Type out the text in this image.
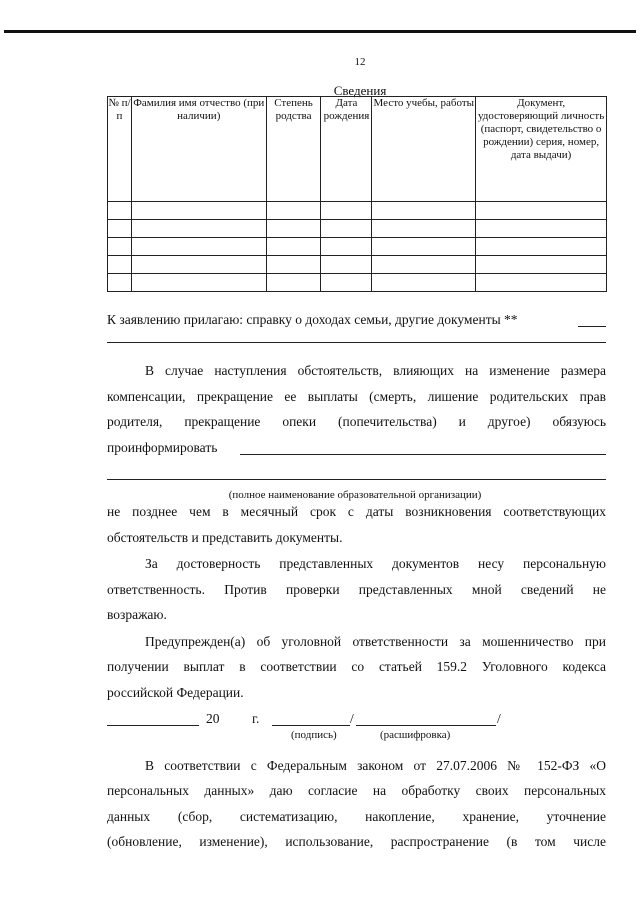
12
Сведения
№ п/п	Фамилия имя отчество (при наличии)	Степень родства	Дата рождения	Место учебы, работы	Документ, удостоверяющий личность (паспорт, свидетельство о рождении) серия, номер, дата выдачи)

К заявлению прилагаю: справку о доходах семьи, другие документы **
В случае наступления обстоятельств, влияющих на изменение размера
компенсации, прекращение ее выплаты (смерть, лишение родительских прав
родителя, прекращение опеки (попечительства) и другое) обязуюсь
проинформировать
(полное наименование образовательной организации)
не позднее чем в месячный срок с даты возникновения соответствующих
обстоятельств и представить документы.
За достоверность представленных документов несу персональную
ответственность. Против проверки представленных мной сведений не
возражаю.
Предупрежден(а) об уголовной ответственности за мошенничество при
получении выплат в соответствии со статьей 159.2 Уголовного кодекса
российской Федерации.
20 г.	/	/
(подпись)	(расшифровка)
В соответствии с Федеральным законом от 27.07.2006 № 152-ФЗ «О
персональных данных» даю согласие на обработку своих персональных
данных (сбор, систематизацию, накопление, хранение, уточнение
(обновление, изменение), использование, распространение (в том числе
